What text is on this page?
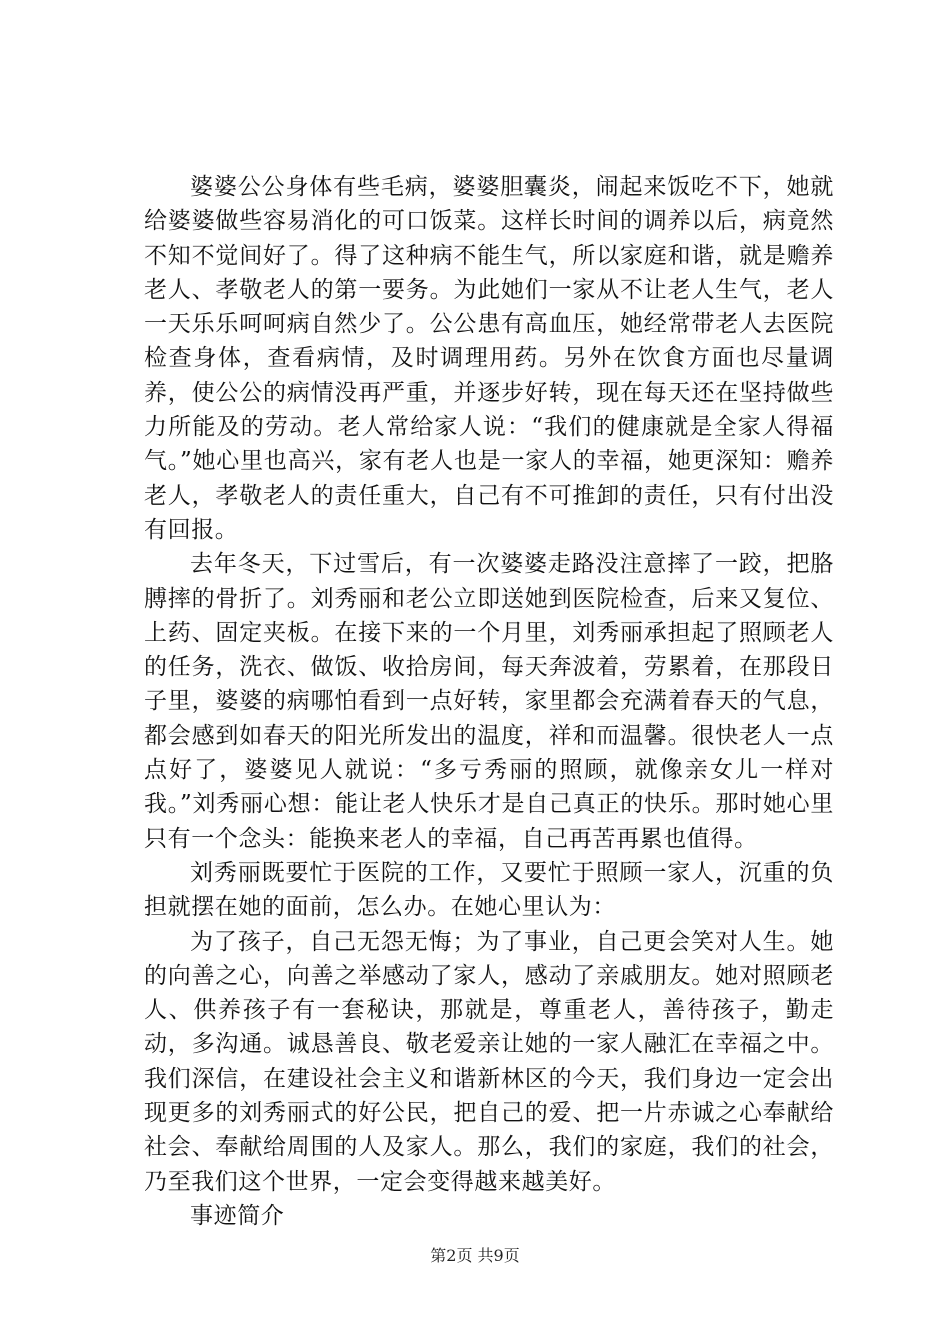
婆婆公公身体有些毛病，婆婆胆囊炎，闹起来饭吃不下，她就给婆婆做些容易消化的可口饭菜。这样长时间的调养以后，病竟然不知不觉间好了。得了这种病不能生气，所以家庭和谐，就是赡养老人、孝敬老人的第一要务。为此她们一家从不让老人生气，老人一天乐乐呵呵病自然少了。公公患有高血压，她经常带老人去医院检查身体，查看病情，及时调理用药。另外在饮食方面也尽量调养，使公公的病情没再严重，并逐步好转，现在每天还在坚持做些力所能及的劳动。老人常给家人说：“我们的健康就是全家人得福气。”她心里也高兴，家有老人也是一家人的幸福，她更深知：赡养老人，孝敬老人的责任重大，自己有不可推卸的责任，只有付出没有回报。

去年冬天，下过雪后，有一次婆婆走路没注意摔了一跤，把胳膊摔的骨折了。刘秀丽和老公立即送她到医院检查，后来又复位、上药、固定夹板。在接下来的一个月里，刘秀丽承担起了照顾老人的任务，洗衣、做饭、收拾房间，每天奔波着，劳累着，在那段日子里，婆婆的病哪怕看到一点好转，家里都会充满着春天的气息，都会感到如春天的阳光所发出的温度，祥和而温馨。很快老人一点点好了，婆婆见人就说：“多亏秀丽的照顾，就像亲女儿一样对我。”刘秀丽心想：能让老人快乐才是自己真正的快乐。那时她心里只有一个念头：能换来老人的幸福，自己再苦再累也值得。

刘秀丽既要忙于医院的工作，又要忙于照顾一家人，沉重的负担就摆在她的面前，怎么办。在她心里认为：

为了孩子，自己无怨无悔；为了事业，自己更会笑对人生。她的向善之心，向善之举感动了家人，感动了亲戚朋友。她对照顾老人、供养孩子有一套秘诀，那就是，尊重老人，善待孩子，勤走动，多沟通。诚恳善良、敬老爱亲让她的一家人融汇在幸福之中。我们深信，在建设社会主义和谐新林区的今天，我们身边一定会出现更多的刘秀丽式的好公民，把自己的爱、把一片赤诚之心奉献给社会、奉献给周围的人及家人。那么，我们的家庭，我们的社会，乃至我们这个世界，一定会变得越来越美好。

事迹简介

第2页 共9页
